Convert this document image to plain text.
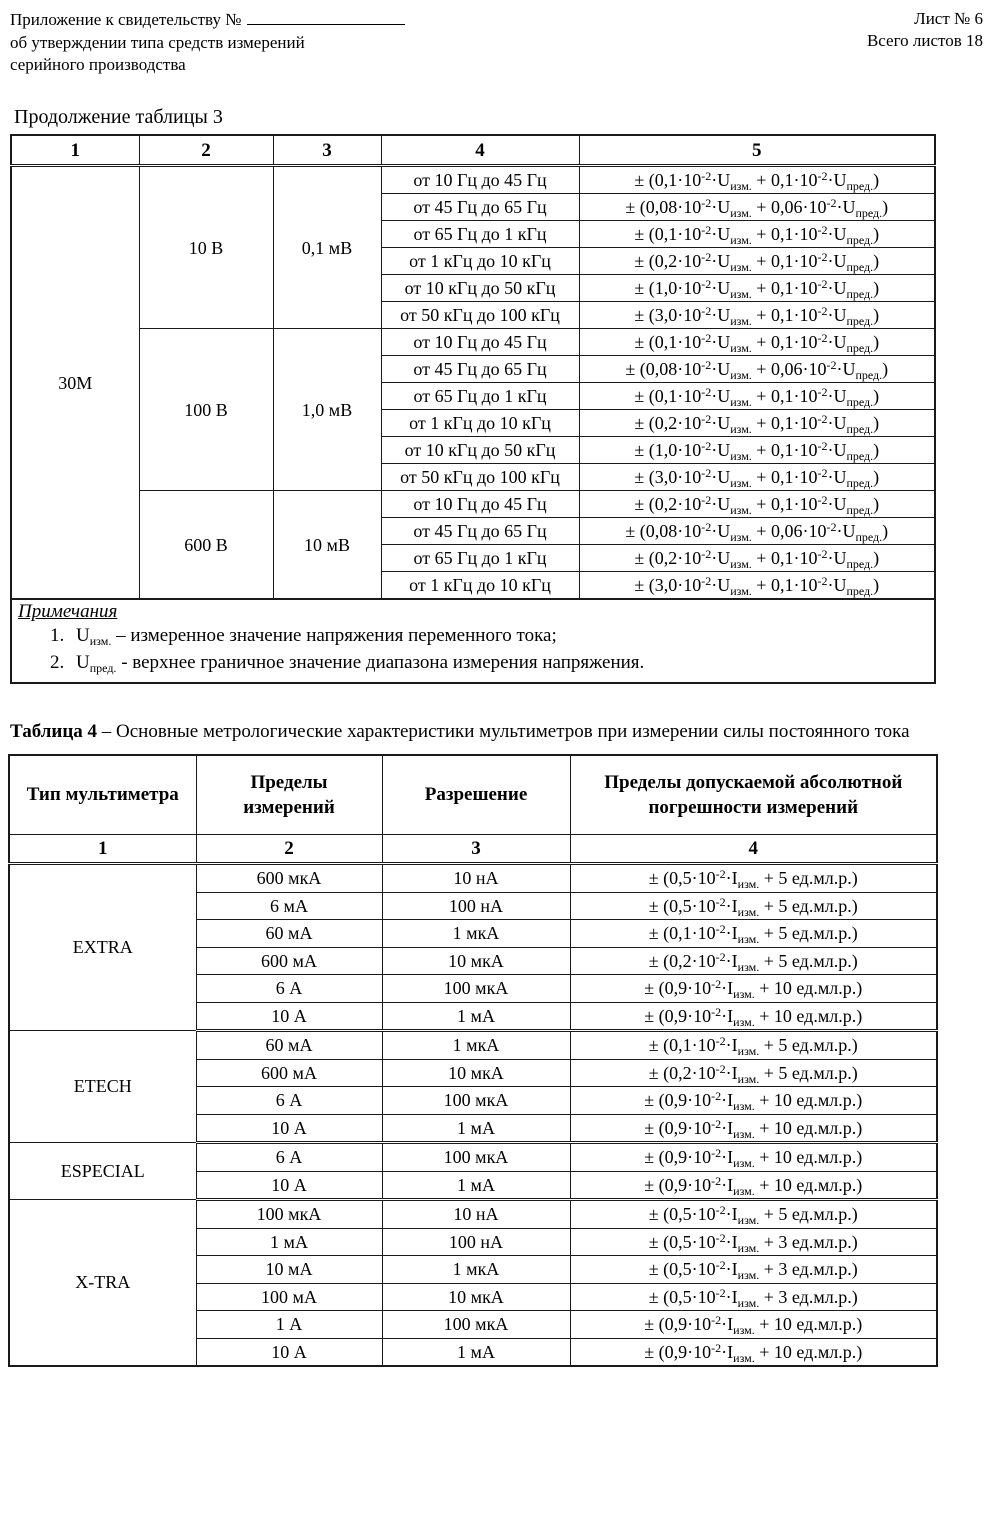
Приложение к свидетельству №
об утверждении типа средств измерений
серийного производства
Лист № 6
Всего листов 18
Продолжение таблицы 3
1	2	3	4	5
30М	10 В	0,1 мВ	от 10 Гц до 45 Гц	± $(0,1\cdot 10^{-2}\cdot U_{изм.} + 0,1\cdot 10^{-2}\cdot U_{пред.})$
			от 45 Гц до 65 Гц	± $(0,08\cdot 10^{-2}\cdot U_{изм.} + 0,06\cdot 10^{-2}\cdot U_{пред.})$
			от 65 Гц до 1 кГц	± $(0,1\cdot 10^{-2}\cdot U_{изм.} + 0,1\cdot 10^{-2}\cdot U_{пред.})$
			от 1 кГц до 10 кГц	± $(0,2\cdot 10^{-2}\cdot U_{изм.} + 0,1\cdot 10^{-2}\cdot U_{пред.})$
			от 10 кГц до 50 кГц	± $(1,0\cdot 10^{-2}\cdot U_{изм.} + 0,1\cdot 10^{-2}\cdot U_{пред.})$
			от 50 кГц до 100 кГц	± $(3,0\cdot 10^{-2}\cdot U_{изм.} + 0,1\cdot 10^{-2}\cdot U_{пред.})$
	100 В	1,0 мВ	от 10 Гц до 45 Гц	± $(0,1\cdot 10^{-2}\cdot U_{изм.} + 0,1\cdot 10^{-2}\cdot U_{пред.})$
			от 45 Гц до 65 Гц	± $(0,08\cdot 10^{-2}\cdot U_{изм.} + 0,06\cdot 10^{-2}\cdot U_{пред.})$
			от 65 Гц до 1 кГц	± $(0,1\cdot 10^{-2}\cdot U_{изм.} + 0,1\cdot 10^{-2}\cdot U_{пред.})$
			от 1 кГц до 10 кГц	± $(0,2\cdot 10^{-2}\cdot U_{изм.} + 0,1\cdot 10^{-2}\cdot U_{пред.})$
			от 10 кГц до 50 кГц	± $(1,0\cdot 10^{-2}\cdot U_{изм.} + 0,1\cdot 10^{-2}\cdot U_{пред.})$
			от 50 кГц до 100 кГц	± $(3,0\cdot 10^{-2}\cdot U_{изм.} + 0,1\cdot 10^{-2}\cdot U_{пред.})$
	600 В	10 мВ	от 10 Гц до 45 Гц	± $(0,2\cdot 10^{-2}\cdot U_{изм.} + 0,1\cdot 10^{-2}\cdot U_{пред.})$
			от 45 Гц до 65 Гц	± $(0,08\cdot 10^{-2}\cdot U_{изм.} + 0,06\cdot 10^{-2}\cdot U_{пред.})$
			от 65 Гц до 1 кГц	± $(0,2\cdot 10^{-2}\cdot U_{изм.} + 0,1\cdot 10^{-2}\cdot U_{пред.})$
			от 1 кГц до 10 кГц	± $(3,0\cdot 10^{-2}\cdot U_{изм.} + 0,1\cdot 10^{-2}\cdot U_{пред.})$

Примечания
1. $U_{изм.}$ – измеренное значение напряжения переменного тока;
2. $U_{пред.}$ - верхнее граничное значение диапазона измерения напряжения.				

Таблица 4 – Основные метрологические характеристики мультиметров при измерении силы постоянного тока

Тип мультиметра	Пределы измерений	Разрешение	Пределы допускаемой абсолютной погрешности измерений
1	2	3	4
EXTRA	600 мкА	10 нА	± ($0,5\cdot 10^{-2}\cdot I_{изм.} + 5$ ед.мл.р.)
	6 мА	100 нА	± ($0,5\cdot 10^{-2}\cdot I_{изм.} + 5$ ед.мл.р.)
	60 мА	1 мкА	± ($0,1\cdot 10^{-2}\cdot I_{изм.} + 5$ ед.мл.р.)
	600 мА	10 мкА	± ($0,2\cdot 10^{-2}\cdot I_{изм.} + 5$ ед.мл.р.)
	6 А	100 мкА	± ($0,9\cdot 10^{-2}\cdot I_{изм.} + 10$ ед.мл.р.)
	10 А	1 мА	± ($0,9\cdot 10^{-2}\cdot I_{изм.} + 10$ ед.мл.р.)
ETECH	60 мА	1 мкА	± ($0,1\cdot 10^{-2}\cdot I_{изм.} + 5$ ед.мл.р.)
	600 мА	10 мкА	± ($0,2\cdot 10^{-2}\cdot I_{изм.} + 5$ ед.мл.р.)
	6 А	100 мкА	± ($0,9\cdot 10^{-2}\cdot I_{изм.} + 10$ ед.мл.р.)
	10 А	1 мА	± ($0,9\cdot 10^{-2}\cdot I_{изм.} + 10$ ед.мл.р.)
ESPECIAL	6 А	100 мкА	± ($0,9\cdot 10^{-2}\cdot I_{изм.} + 10$ ед.мл.р.)
	10 А	1 мА	± ($0,9\cdot 10^{-2}\cdot I_{изм.} + 10$ ед.мл.р.)
X-TRA	100 мкА	10 нА	± ($0,5\cdot 10^{-2}\cdot I_{изм.} + 5$ ед.мл.р.)
	1 мА	100 нА	± ($0,5\cdot 10^{-2}\cdot I_{изм.} + 3$ ед.мл.р.)
	10 мА	1 мкА	± ($0,5\cdot 10^{-2}\cdot I_{изм.} + 3$ ед.мл.р.)
	100 мА	10 мкА	± ($0,5\cdot 10^{-2}\cdot I_{изм.} + 3$ ед.мл.р.)
	1 А	100 мкА	± ($0,9\cdot 10^{-2}\cdot I_{изм.} + 10$ ед.мл.р.)
	10 А	1 мА	± ($0,9\cdot 10^{-2}\cdot I_{изм.} + 10$ ед.мл.р.)
